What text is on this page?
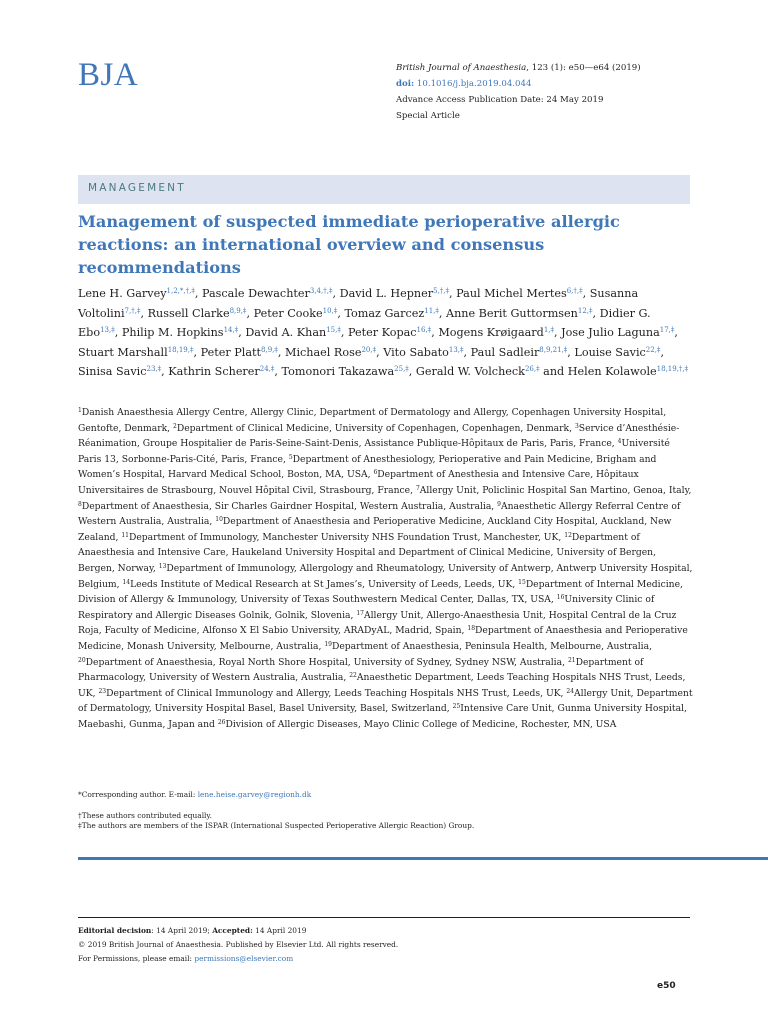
BJA	British Journal of Anaesthesia, 123 (1): e50—e64 (2019)
doi: 10.1016/j.bja.2019.04.044
Advance Access Publication Date: 24 May 2019
Special Article
MANAGEMENT
Management of suspected immediate perioperative allergic reactions: an international overview and consensus recommendations

Lene H. Garvey$^{1,2,*,\dagger,\ddagger}$, Pascale Dewachter$^{3,4,\dagger,\ddagger}$, David L. Hepner$^{5,\dagger,\ddagger}$, Paul Michel Mertes$^{6,\dagger,\ddagger}$, Susanna Voltolini$^{7,\dagger,\ddagger}$, Russell Clarke$^{8,9,\ddagger}$, Peter Cooke$^{10,\ddagger}$, Tomaz Garcez$^{11,\ddagger}$, Anne Berit Guttormsen$^{12,\ddagger}$, Didier G. Ebo$^{13,\ddagger}$, Philip M. Hopkins$^{14,\ddagger}$, David A. Khan$^{15,\ddagger}$, Peter Kopac$^{16,\ddagger}$, Mogens Krøigaard$^{1,\ddagger}$, Jose Julio Laguna$^{17,\ddagger}$, Stuart Marshall$^{18,19,\ddagger}$, Peter Platt$^{8,9,\ddagger}$, Michael Rose$^{20,\ddagger}$, Vito Sabato$^{13,\ddagger}$, Paul Sadleir$^{8,9,21,\ddagger}$, Louise Savic$^{22,\ddagger}$, Sinisa Savic$^{23,\ddagger}$, Kathrin Scherer$^{24,\ddagger}$, Tomonori Takazawa$^{25,\ddagger}$, Gerald W. Volcheck$^{26,\ddagger}$ and Helen Kolawole$^{18,19,\dagger,\ddagger}$

$^1$Danish Anaesthesia Allergy Centre, Allergy Clinic, Department of Dermatology and Allergy, Copenhagen University Hospital, Gentofte, Denmark, $^2$Department of Clinical Medicine, University of Copenhagen, Copenhagen, Denmark, $^3$Service d’Anesthésie-Réanimation, Groupe Hospitalier de Paris-Seine-Saint-Denis, Assistance Publique-Hôpitaux de Paris, Paris, France, $^4$Université Paris 13, Sorbonne-Paris-Cité, Paris, France, $^5$Department of Anesthesiology, Perioperative and Pain Medicine, Brigham and Women’s Hospital, Harvard Medical School, Boston, MA, USA, $^6$Department of Anesthesia and Intensive Care, Hôpitaux Universitaires de Strasbourg, Nouvel Hôpital Civil, Strasbourg, France, $^7$Allergy Unit, Policlinic Hospital San Martino, Genoa, Italy, $^8$Department of Anaesthesia, Sir Charles Gairdner Hospital, Western Australia, Australia, $^9$Anaesthetic Allergy Referral Centre of Western Australia, Australia, $^{10}$Department of Anaesthesia and Perioperative Medicine, Auckland City Hospital, Auckland, New Zealand, $^{11}$Department of Immunology, Manchester University NHS Foundation Trust, Manchester, UK, $^{12}$Department of Anaesthesia and Intensive Care, Haukeland University Hospital and Department of Clinical Medicine, University of Bergen, Bergen, Norway, $^{13}$Department of Immunology, Allergology and Rheumatology, University of Antwerp, Antwerp University Hospital, Belgium, $^{14}$Leeds Institute of Medical Research at St James’s, University of Leeds, Leeds, UK, $^{15}$Department of Internal Medicine, Division of Allergy & Immunology, University of Texas Southwestern Medical Center, Dallas, TX, USA, $^{16}$University Clinic of Respiratory and Allergic Diseases Golnik, Golnik, Slovenia, $^{17}$Allergy Unit, Allergo-Anaesthesia Unit, Hospital Central de la Cruz Roja, Faculty of Medicine, Alfonso X El Sabio University, ARADyAL, Madrid, Spain, $^{18}$Department of Anaesthesia and Perioperative Medicine, Monash University, Melbourne, Australia, $^{19}$Department of Anaesthesia, Peninsula Health, Melbourne, Australia, $^{20}$Department of Anaesthesia, Royal North Shore Hospital, University of Sydney, Sydney NSW, Australia, $^{21}$Department of Pharmacology, University of Western Australia, Australia, $^{22}$Anaesthetic Department, Leeds Teaching Hospitals NHS Trust, Leeds, UK, $^{23}$Department of Clinical Immunology and Allergy, Leeds Teaching Hospitals NHS Trust, Leeds, UK, $^{24}$Allergy Unit, Department of Dermatology, University Hospital Basel, Basel University, Basel, Switzerland, $^{25}$Intensive Care Unit, Gunma University Hospital, Maebashi, Gunma, Japan and $^{26}$Division of Allergic Diseases, Mayo Clinic College of Medicine, Rochester, MN, USA

*Corresponding author. E-mail: lene.heise.garvey@regionh.dk
†These authors contributed equally.
‡The authors are members of the ISPAR (International Suspected Perioperative Allergic Reaction) Group.
Editorial decision: 14 April 2019; Accepted: 14 April 2019
© 2019 British Journal of Anaesthesia. Published by Elsevier Ltd. All rights reserved.
For Permissions, please email: permissions@elsevier.com
e50
